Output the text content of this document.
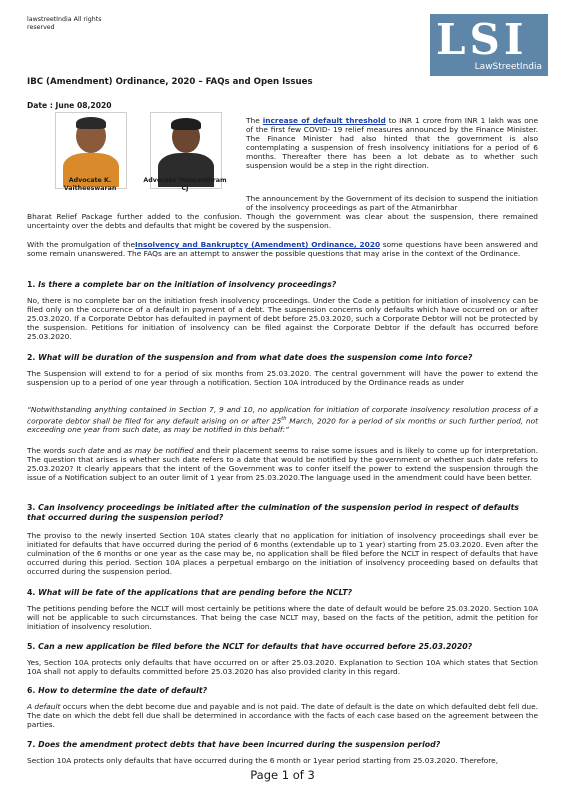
lawstreetIndia All rights reserved	LSI
LawStreetIndia
IBC (Amendment) Ordinance, 2020 – FAQs and Open Issues
Date : June 08,2020
Advocate K. Vaitheeswaran
Advocate Yeswanthram CJ
The increase of default threshold to INR 1 crore from INR 1 lakh was one of the first few COVID- 19 relief measures announced by the Finance Minister. The Finance Minister had also hinted that the government is also contemplating a suspension of fresh insolvency initiations for a period of 6 months. Thereafter there has been a lot debate as to whether such suspension would be a step in the right direction.
The announcement by the Government of its decision to suspend the initiation of the insolvency proceedings as part of the Atmanirbhar
Bharat Relief Package further added to the confusion. Though the government was clear about the suspension, there remained uncertainty over the debts and defaults that might be covered by the suspension.
With the promulgation of theInsolvency and Bankruptcy (Amendment) Ordinance, 2020 some questions have been answered and some remain unanswered. The FAQs are an attempt to answer the possible questions that may arise in the context of the Ordinance.
1. Is there a complete bar on the initiation of insolvency proceedings?
No, there is no complete bar on the initiation fresh insolvency proceedings. Under the Code a petition for initiation of insolvency can be filed only on the occurrence of a default in payment of a debt. The suspension concerns only defaults which have occurred on or after 25.03.2020. If a Corporate Debtor has defaulted in payment of debt before 25.03.2020, such a Corporate Debtor will not be protected by the suspension. Petitions for initiation of insolvency can be filed against the Corporate Debtor if the default has occurred before 25.03.2020.
2. What will be duration of the suspension and from what date does the suspension come into force?
The Suspension will extend to for a period of six months from 25.03.2020. The central government will have the power to extend the suspension up to a period of one year through a notification. Section 10A introduced by the Ordinance reads as under
“Notwithstanding anything contained in Section 7, 9 and 10, no application for initiation of corporate insolvency resolution process of a corporate debtor shall be filed for any default arising on or after 25th March, 2020 for a period of six months or such further period, not exceeding one year from such date, as may be notified in this behalf:”
The words such date and as may be notified and their placement seems to raise some issues and is likely to come up for interpretation. The question that arises is whether such date refers to a date that would be notified by the government or whether such date refers to 25.03.2020? It clearly appears that the intent of the Government was to confer itself the power to extend the suspension through the issue of a Notification subject to an outer limit of 1 year from 25.03.2020.The language used in the amendment could have been better.
3. Can insolvency proceedings be initiated after the culmination of the suspension period in respect of defaults that occurred during the suspension period?
The proviso to the newly inserted Section 10A states clearly that no application for initiation of insolvency proceedings shall ever be initiated for defaults that have occurred during the period of 6 months (extendable up to 1 year) starting from 25.03.2020. Even after the culmination of the 6 months or one year as the case may be, no application shall be filed before the NCLT in respect of defaults that have occurred during this period. Section 10A places a perpetual embargo on the initiation of insolvency proceeding based on defaults that occurred during the suspension period.
4. What will be fate of the applications that are pending before the NCLT?
The petitions pending before the NCLT will most certainly be petitions where the date of default would be before 25.03.2020. Section 10A will not be applicable to such circumstances. That being the case NCLT may, based on the facts of the petition, admit the petition for initiation of insolvency resolution.
5. Can a new application be filed before the NCLT for defaults that have occurred before 25.03.2020?
Yes, Section 10A protects only defaults that have occurred on or after 25.03.2020. Explanation to Section 10A which states that Section 10A shall not apply to defaults committed before 25.03.2020 has also provided clarity in this regard.
6. How to determine the date of default?
A default occurs when the debt become due and payable and is not paid. The date of default is the date on which defaulted debt fell due. The date on which the debt fell due shall be determined in accordance with the facts of each case based on the agreement between the parties.
7. Does the amendment protect debts that have been incurred during the suspension period?
Section 10A protects only defaults that have occurred during the 6 month or 1year period starting from 25.03.2020. Therefore,
Page 1 of 3
